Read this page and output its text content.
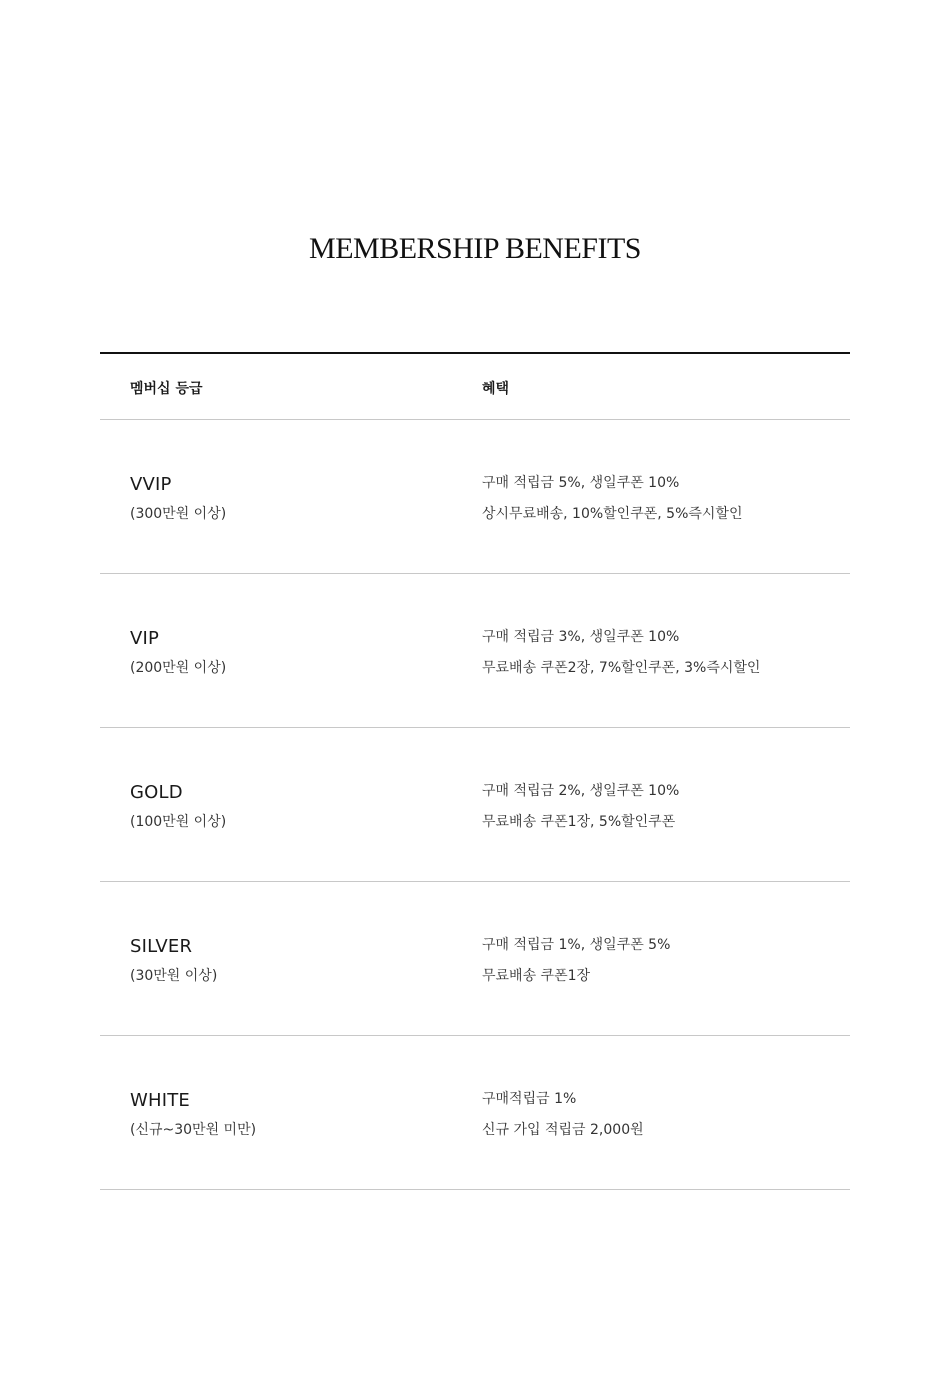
MEMBERSHIP BENEFITS
멤버십 등급	혜택
VVIP
(300만원 이상)
구매 적립금 5%, 생일쿠폰 10%
상시무료배송, 10%할인쿠폰, 5%즉시할인
VIP
(200만원 이상)
구매 적립금 3%, 생일쿠폰 10%
무료배송 쿠폰2장, 7%할인쿠폰, 3%즉시할인
GOLD
(100만원 이상)
구매 적립금 2%, 생일쿠폰 10%
무료배송 쿠폰1장, 5%할인쿠폰
SILVER
(30만원 이상)
구매 적립금 1%, 생일쿠폰 5%
무료배송 쿠폰1장
WHITE
(신규~30만원 미만)
구매적립금 1%
신규 가입 적립금 2,000원
